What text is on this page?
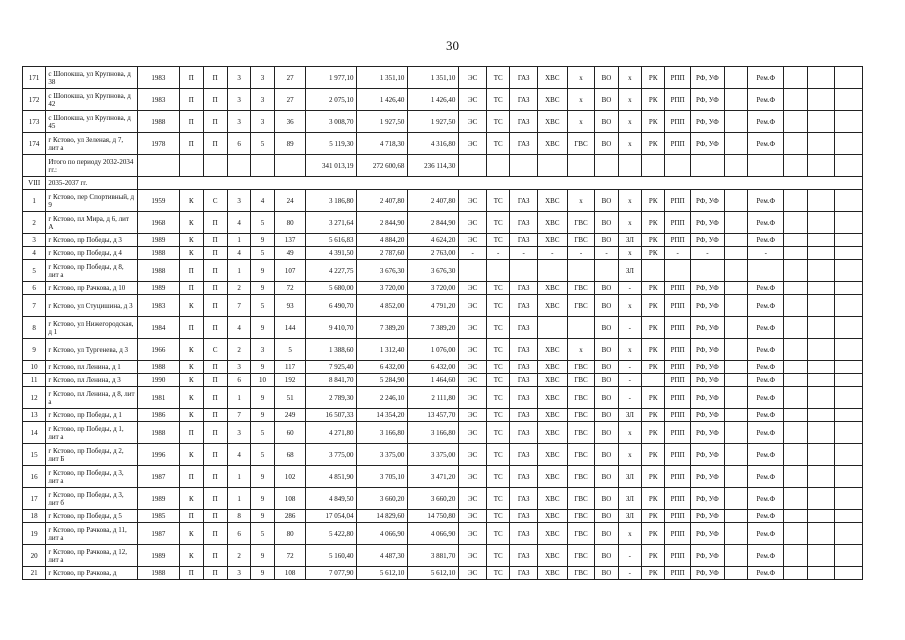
30
171	с Шопокша, ул Крупнова, д 38	1983	П	П	3	3	27	1 977,10	1 351,10	1 351,10	ЭС	ТС	ГАЗ	ХВС	х	ВО	х	РК	РПП	РФ, УФ		Рем.Ф			
172	с Шопокша, ул Крупнова, д 42	1983	П	П	3	3	27	2 075,10	1 426,40	1 426,40	ЭС	ТС	ГАЗ	ХВС	х	ВО	х	РК	РПП	РФ, УФ		Рем.Ф			
173	с Шопокша, ул Крупнова, д 45	1988	П	П	3	3	36	3 008,70	1 927,50	1 927,50	ЭС	ТС	ГАЗ	ХВС	х	ВО	х	РК	РПП	РФ, УФ		Рем.Ф			
174	г Кстово, ул Зеленая, д 7, лит а	1978	П	П	6	5	89	5 119,30	4 718,30	4 316,80	ЭС	ТС	ГАЗ	ХВС	ГВС	ВО	х	РК	РПП	РФ, УФ		Рем.Ф			
	Итого по периоду 2032-2034 гг.:							341 013,19	272 600,68	236 114,30															
VIII	2035-2037 гг.																								
1	г Кстово, пер Спортивный, д 9	1959	К	С	3	4	24	3 186,80	2 407,80	2 407,80	ЭС	ТС	ГАЗ	ХВС	х	ВО	х	РК	РПП	РФ, УФ		Рем.Ф			
2	г Кстово, пл Мира, д 6, лит А	1968	К	П	4	5	80	3 271,64	2 844,90	2 844,90	ЭС	ТС	ГАЗ	ХВС	ГВС	ВО	х	РК	РПП	РФ, УФ		Рем.Ф			
3	г Кстово, пр Победы, д 3	1989	К	П	1	9	137	5 616,83	4 884,20	4 624,20	ЭС	ТС	ГАЗ	ХВС	ГВС	ВО	ЗЛ	РК	РПП	РФ, УФ		Рем.Ф			
4	г Кстово, пр Победы, д 4	1988	К	П	4	5	49	4 391,50	2 787,60	2 763,00	-	-	-	-	-	-	х	РК	-	-		-			
5	г Кстово, пр Победы, д 8, лит а	1988	П	П	1	9	107	4 227,75	3 676,30	3 676,30							ЗЛ								
6	г Кстово, пр Рачкова, д 10	1989	П	П	2	9	72	5 680,00	3 720,00	3 720,00	ЭС	ТС	ГАЗ	ХВС	ГВС	ВО	-	РК	РПП	РФ, УФ		Рем.Ф			
7	г Кстово, ул Стуцишина, д 3	1983	К	П	7	5	93	6 490,70	4 852,00	4 791,20	ЭС	ТС	ГАЗ	ХВС	ГВС	ВО	х	РК	РПП	РФ, УФ		Рем.Ф			
8	г Кстово, ул Нижегородская, д 1	1984	П	П	4	9	144	9 410,70	7 389,20	7 389,20	ЭС	ТС	ГАЗ			ВО	-	РК	РПП	РФ, УФ		Рем.Ф			
9	г Кстово, ул Тургенева, д 3	1966	К	С	2	3	5	1 388,60	1 312,40	1 076,00	ЭС	ТС	ГАЗ	ХВС	х	ВО	х	РК	РПП	РФ, УФ		Рем.Ф			
10	г Кстово, пл Ленина, д 1	1988	К	П	3	9	117	7 925,40	6 432,00	6 432,00	ЭС	ТС	ГАЗ	ХВС	ГВС	ВО	-	РК	РПП	РФ, УФ		Рем.Ф			
11	г Кстово, пл Ленина, д 3	1990	К	П	6	10	192	8 841,70	5 284,90	1 464,60	ЭС	ТС	ГАЗ	ХВС	ГВС	ВО	-		РПП	РФ, УФ		Рем.Ф			
12	г Кстово, пл Ленина, д 8, лит а	1981	К	П	1	9	51	2 789,30	2 246,10	2 111,80	ЭС	ТС	ГАЗ	ХВС	ГВС	ВО	-	РК	РПП	РФ, УФ		Рем.Ф			
13	г Кстово, пр Победы, д 1	1986	К	П	7	9	249	16 507,33	14 354,20	13 457,70	ЭС	ТС	ГАЗ	ХВС	ГВС	ВО	ЗЛ	РК	РПП	РФ, УФ		Рем.Ф			
14	г Кстово, пр Победы, д 1, лит а	1988	П	П	3	5	60	4 271,80	3 166,80	3 166,80	ЭС	ТС	ГАЗ	ХВС	ГВС	ВО	х	РК	РПП	РФ, УФ		Рем.Ф			
15	г Кстово, пр Победы, д 2, лит Б	1996	К	П	4	5	68	3 775,00	3 375,00	3 375,00	ЭС	ТС	ГАЗ	ХВС	ГВС	ВО	х	РК	РПП	РФ, УФ		Рем.Ф			
16	г Кстово, пр Победы, д 3, лит а	1987	П	П	1	9	102	4 851,90	3 705,10	3 471,20	ЭС	ТС	ГАЗ	ХВС	ГВС	ВО	ЗЛ	РК	РПП	РФ, УФ		Рем.Ф			
17	г Кстово, пр Победы, д 3, лит б	1989	К	П	1	9	108	4 849,50	3 660,20	3 660,20	ЭС	ТС	ГАЗ	ХВС	ГВС	ВО	ЗЛ	РК	РПП	РФ, УФ		Рем.Ф			
18	г Кстово, пр Победы, д 5	1985	П	П	8	9	286	17 054,04	14 829,60	14 750,80	ЭС	ТС	ГАЗ	ХВС	ГВС	ВО	ЗЛ	РК	РПП	РФ, УФ		Рем.Ф			
19	г Кстово, пр Рачкова, д 11, лит а	1987	К	П	6	5	80	5 422,80	4 066,90	4 066,90	ЭС	ТС	ГАЗ	ХВС	ГВС	ВО	х	РК	РПП	РФ, УФ		Рем.Ф			
20	г Кстово, пр Рачкова, д 12, лит а	1989	К	П	2	9	72	5 160,40	4 487,30	3 881,70	ЭС	ТС	ГАЗ	ХВС	ГВС	ВО	-	РК	РПП	РФ, УФ		Рем.Ф			
21	г Кстово, пр Рачкова, д	1988	П	П	3	9	108	7 077,90	5 612,10	5 612,10	ЭС	ТС	ГАЗ	ХВС	ГВС	ВО	-	РК	РПП	РФ, УФ		Рем.Ф			
